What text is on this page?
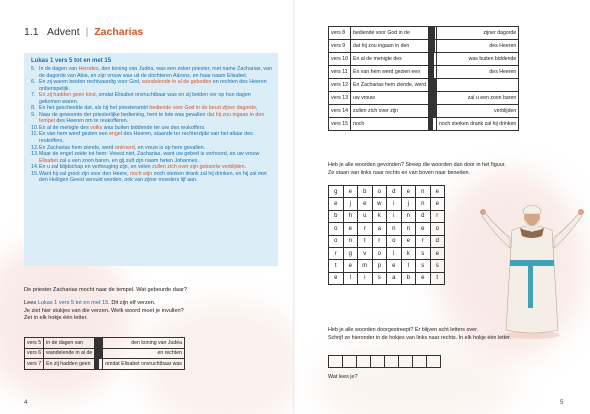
1.1 Advent | Zacharias
Lukas 1 vers 5 tot en met 15
5. In de dagen van Herodes, den koning van Judéa, was een zeker priester, met name Zacharias, van de dagorde van Abia, en zijn vrouw was uit de dochteren Aärons, en haar naam Elisabet.
6. En zij waren beiden rechtvaardig voor God, wandelende in al de geboden en rechten des Heeren onberispelijk.
7. En zij hadden geen kind, omdat Elisabet onvruchtbaar was en zij beiden ver op hun dagen gekomen waren.
8. En het geschiedde dat, als hij het priesterambt bediende voor God in de beurt zijner dagorde,
9. Naar de gewoonte der priesterlijke bediening, hem te lote was gevallen dat hij zou ingaan in den tempel des Heeren om te reukofferen.
10. En al de menigte des volks was buiten biddende ter ure des reukoffers.
11. En van hem werd gezien een engel des Heeren, staande ter rechterzijde van het altaar des reukoffers.
12. En Zacharias hem ziende, werd ontroerd, en vreze is op hem gevallen.
13. Maar de engel zeide tot hem: Vreest niet, Zacharias, want uw gebed is verhoord, en uw vrouw Elisabet zal u een zoon baren, en gij zult zijn naam heten Johannes.
14. En u zal blijdschap en verheuging zijn, en velen zullen zich over zijn geboorte verblijden.
15. Want hij zal groot zijn voor den Heere, noch wijn noch sterken drank zal hij drinken, en hij zal met den Heiligen Geest vervuld worden, ook van zijner moeders lijf aan.
De priester Zacharias mocht naar de tempel. Wat gebeurde daar?
Lees Lukas 1 vers 5 tot en met 15. Dit zijn elf verzen.
Je ziet hier stukjes van die verzen. Welk woord moet je invullen?
Zet in elk hokje één letter.
vers 5	in de dagen van									den koning van Judéa
vers 6	wandelende in al de									en rechten
vers 7	En zij hadden geen									omdat Elisabet onvruchtbaar was
4
vers 8	bediende voor God in de									zijner dagorde
vers 9	dat hij zou ingaan in den									des Heeren
vers 10	En al de menigte des									was buiten biddende
vers 11	En van hem werd gezien een									des Heeren
vers 12	En Zacharias hem ziende, werd									
vers 13	uw vrouw									zal u een zoon baren
vers 14	zullen zich over zijn									verblijden
vers 15	noch									noch sterken drank zal hij drinken
Heb je alle woorden gevonden? Streep die woorden dan door in het figuur.
Ze staan van links naar rechts en van boven naar beneden.
g	e	b	o	d	e	n	e
e	j	e	w	i	j	n	e
b	h	u	k	i	n	d	r
o	e	r	a	n	n	e	o
o	n	t	r	o	e	r	d
r	g	v	o	l	k	s	e
t	e	m	p	e	l	s	s
e	l	i	s	a	b	e	t
Heb je alle woorden doorgestreept? Er blijven acht letters over.
Schrijf ze hieronder in de hokjes van links naar rechts. In elk hokje één letter.

Wat lees je?
5
